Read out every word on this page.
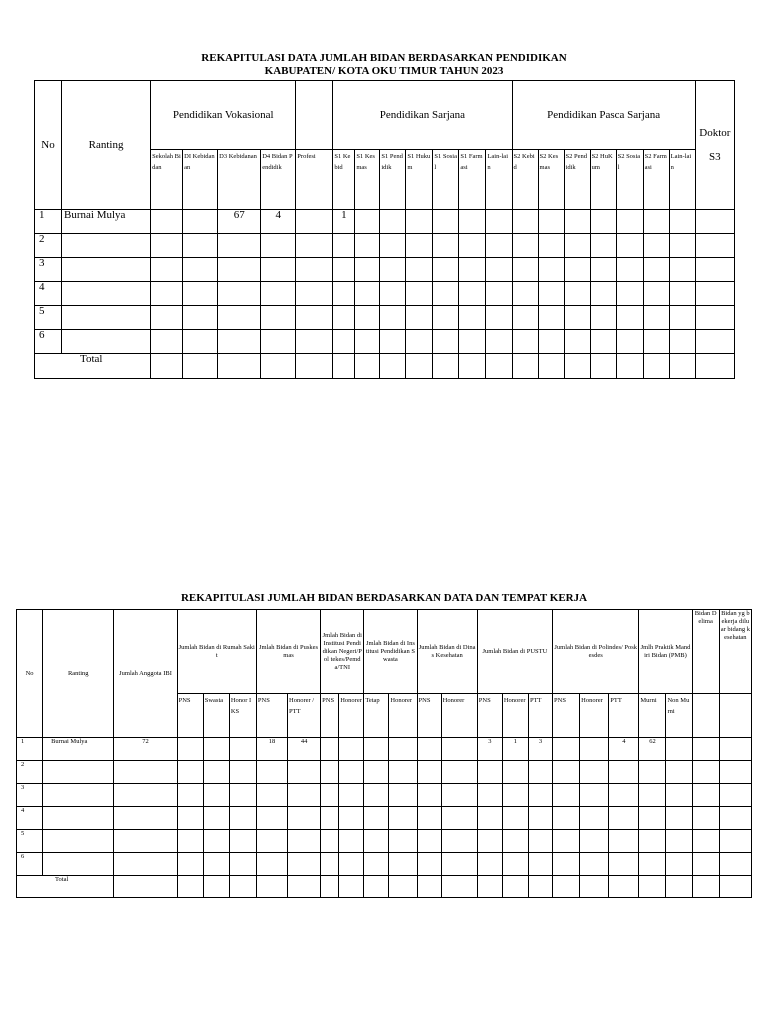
REKAPITULASI DATA JUMLAH BIDAN BERDASARKAN PENDIDIKAN
KABUPATEN/ KOTA OKU TIMUR TAHUN 2023

No	Ranting	Pendidikan Vokasional					Pendidikan Sarjana							Pendidikan Pasca Sarjana							Doktor
S3
		Sekolah Bidan	DI Kebidanan	D3 Kebidanan	D4 Bidan Pendidik	Profesi	S1 Kebid	S1 Kesmas	S1 Pendidik	S1 Hukum	S1 Sosial	S1 Farmasi	Lain-lain	S2 Kebid	S2 Kesmas	S2 Pendidik	S2 HuKum	S2 Sosial	S2 Farmasi	Lain-lain	
1	Burnai Mulya			67	4		1														
2																					
3																					
4																					
5																					
6																					
Total																					

REKAPITULASI JUMLAH BIDAN BERDASARKAN DATA DAN TEMPAT KERJA

No	Ranting	Jumlah Anggota IBI	Jumlah Bidan di Rumah Sakit			Jmlah Bidan di Puskesmas		Jmlah Bidan di Institusi Pendidikan Negeri/Pol tekes/Pemda/TNI		Jmlah Bidan di Institusi Pendidikan Swasta		Jumlah Bidan di Dinas Kesehatan		Jumlah Bidan di PUSTU			Jumlah Bidan di Polindes/ Poskesdes			Jmlh Praktik Mandiri Bidan (PMB)		Bidan Delima	Bidan yg bekerja diluar bidang kesehatan
			PNS	Swasta	Honor IKS	PNS	Honorer / PTT	PNS	Honorer	Tetap	Honorer	PNS	Honorer	PNS	Honorer	PTT	PNS	Honorer	PTT	Murni	Non Murni		
1	Burnai Mulya	72				18	44							3	1	3			4	62			
2																							
3																							
4																							
5																							
6																							
Total																							
